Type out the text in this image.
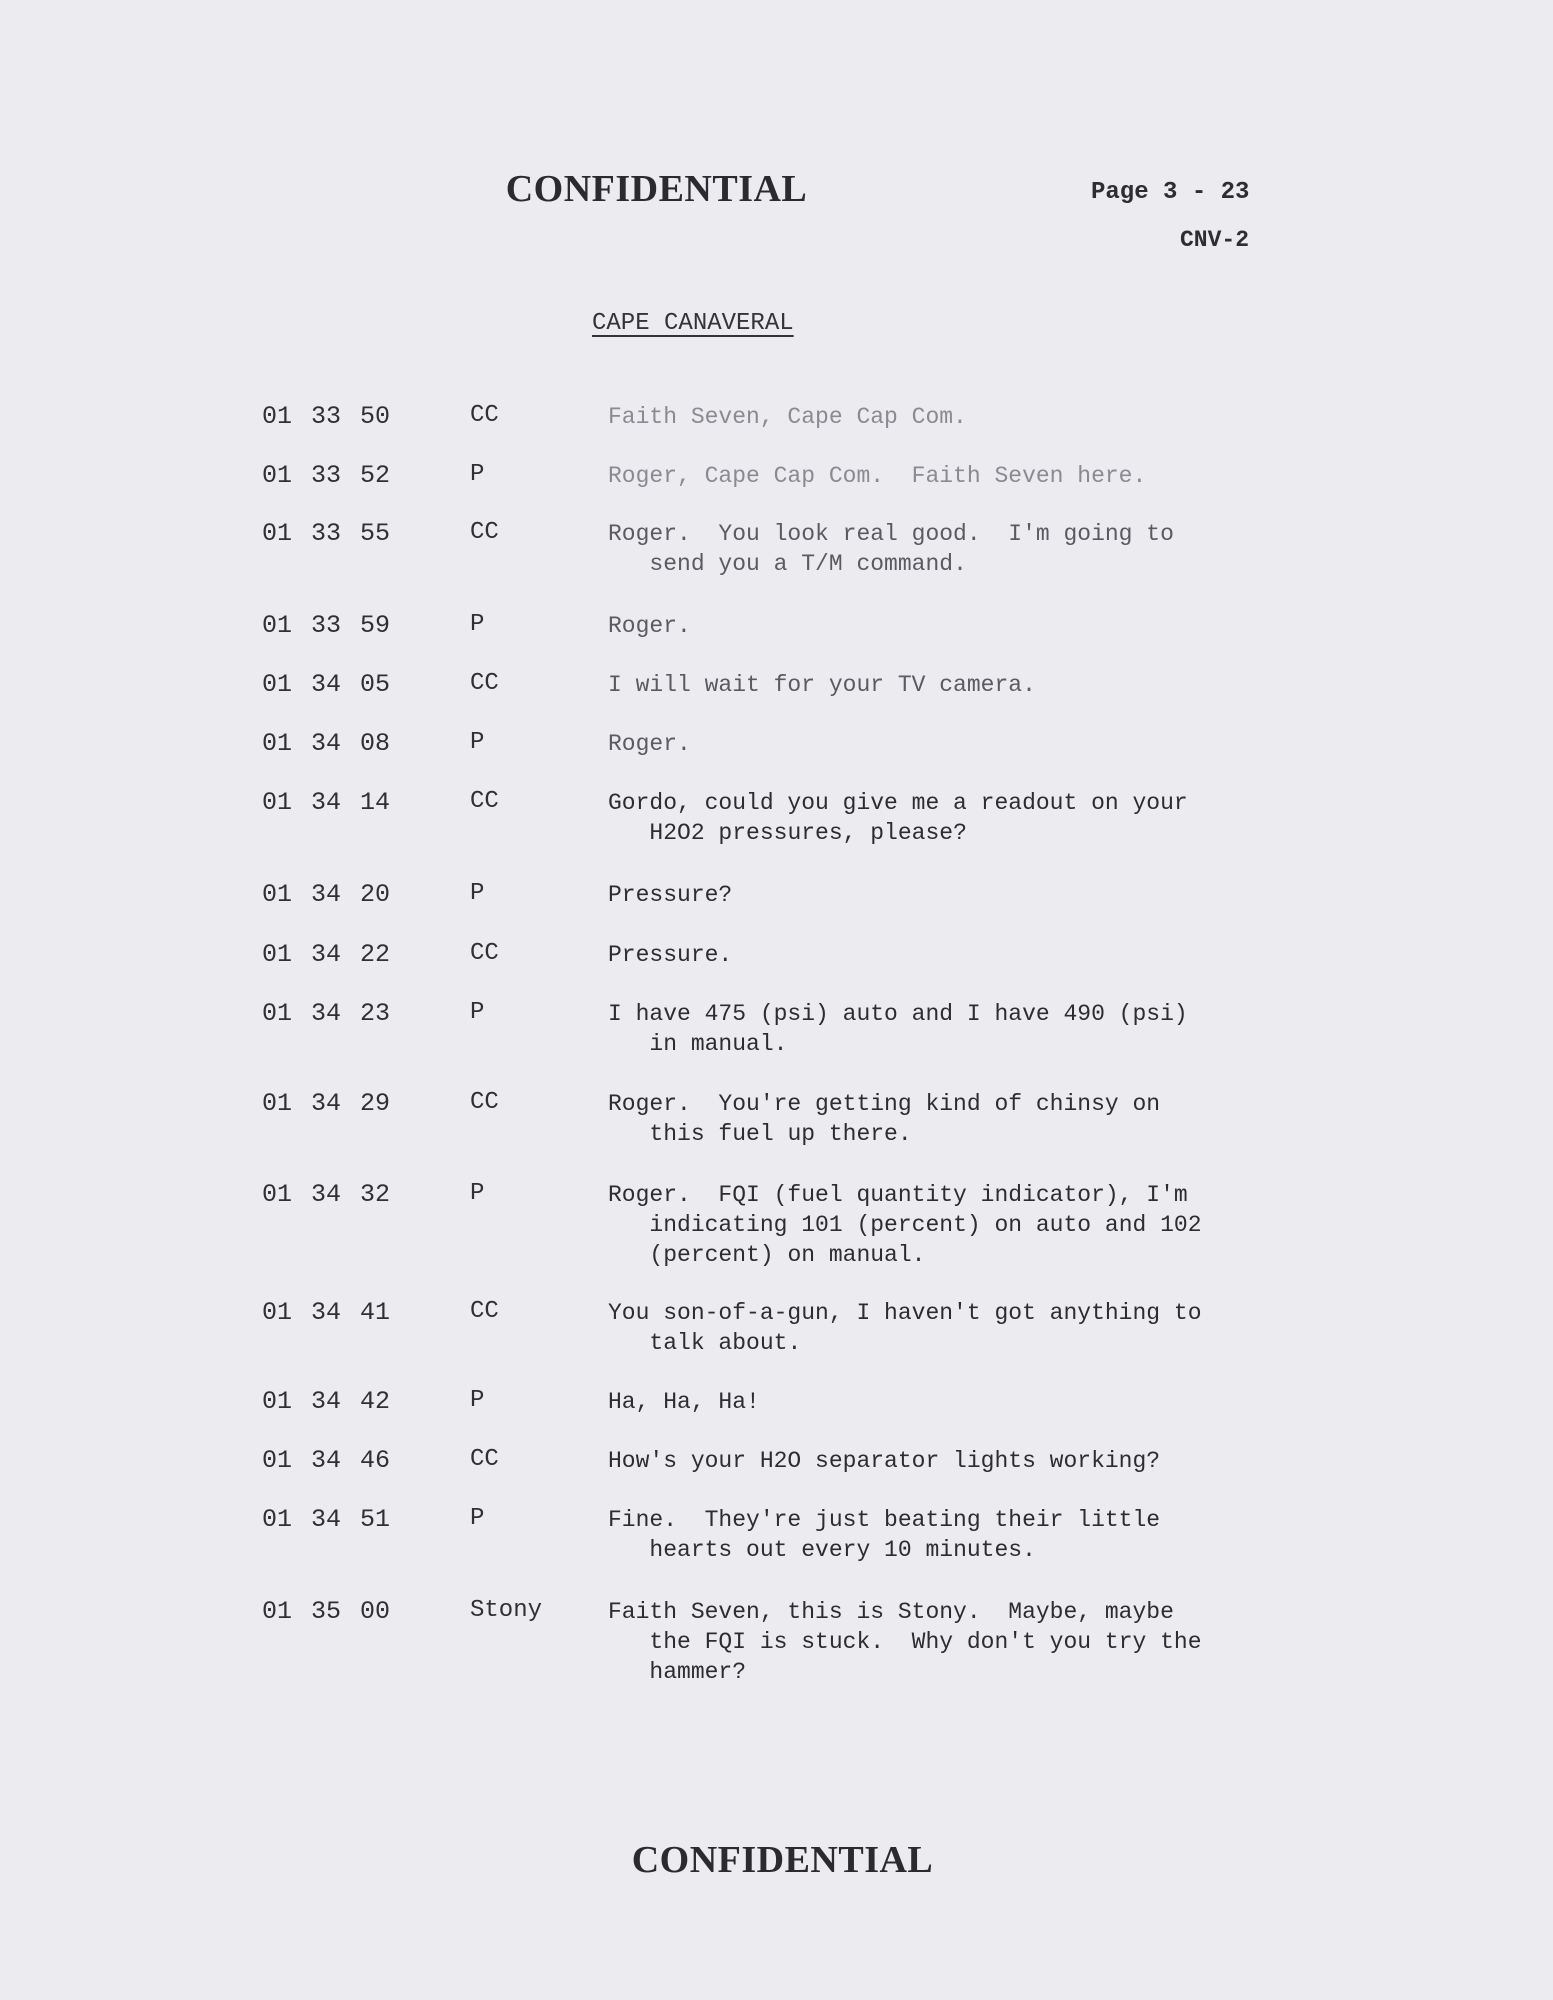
CONFIDENTIAL	Page 3 - 23
CNV-2
CAPE CANAVERAL
01 33 50	CC	Faith Seven, Cape Cap Com.
01 33 52	P	Roger, Cape Cap Com.  Faith Seven here.
01 33 55	CC	Roger.  You look real good.  I'm going to
send you a T/M command.
01 33 59	P	Roger.
01 34 05	CC	I will wait for your TV camera.
01 34 08	P	Roger.
01 34 14	CC	Gordo, could you give me a readout on your
H2O2 pressures, please?
01 34 20	P	Pressure?
01 34 22	CC	Pressure.
01 34 23	P	I have 475 (psi) auto and I have 490 (psi)
in manual.
01 34 29	CC	Roger.  You're getting kind of chinsy on
this fuel up there.
01 34 32	P	Roger.  FQI (fuel quantity indicator), I'm
indicating 101 (percent) on auto and 102
(percent) on manual.
01 34 41	CC	You son-of-a-gun, I haven't got anything to
talk about.
01 34 42	P	Ha, Ha, Ha!
01 34 46	CC	How's your H2O separator lights working?
01 34 51	P	Fine.  They're just beating their little
hearts out every 10 minutes.
01 35 00	Stony	Faith Seven, this is Stony.  Maybe, maybe
the FQI is stuck.  Why don't you try the
hammer?
CONFIDENTIAL
